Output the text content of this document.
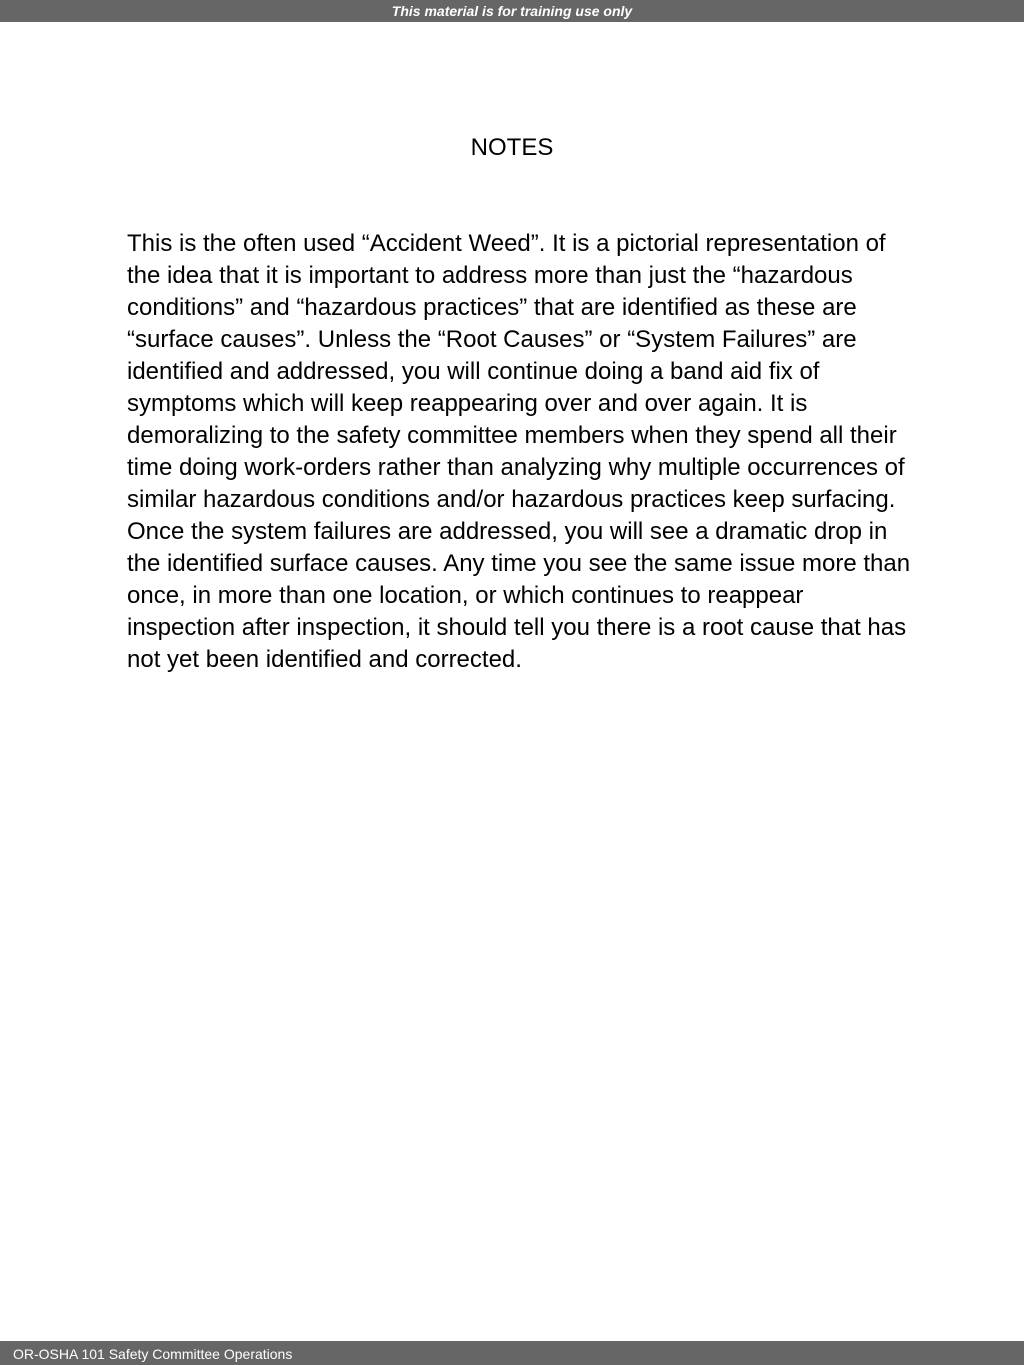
This material is for training use only
NOTES

This is the often used “Accident Weed”. It is a pictorial representation of the idea that it is important to address more than just the “hazardous conditions” and “hazardous practices” that are identified as these are “surface causes”. Unless the “Root Causes” or “System Failures” are identified and addressed, you will continue doing a band aid fix of symptoms which will keep reappearing over and over again. It is demoralizing to the safety committee members when they spend all their time doing work-orders rather than analyzing why multiple occurrences of similar hazardous conditions and/or hazardous practices keep surfacing. Once the system failures are addressed, you will see a dramatic drop in the identified surface causes. Any time you see the same issue more than once, in more than one location, or which continues to reappear inspection after inspection, it should tell you there is a root cause that has not yet been identified and corrected.

OR-OSHA 101 Safety Committee Operations
